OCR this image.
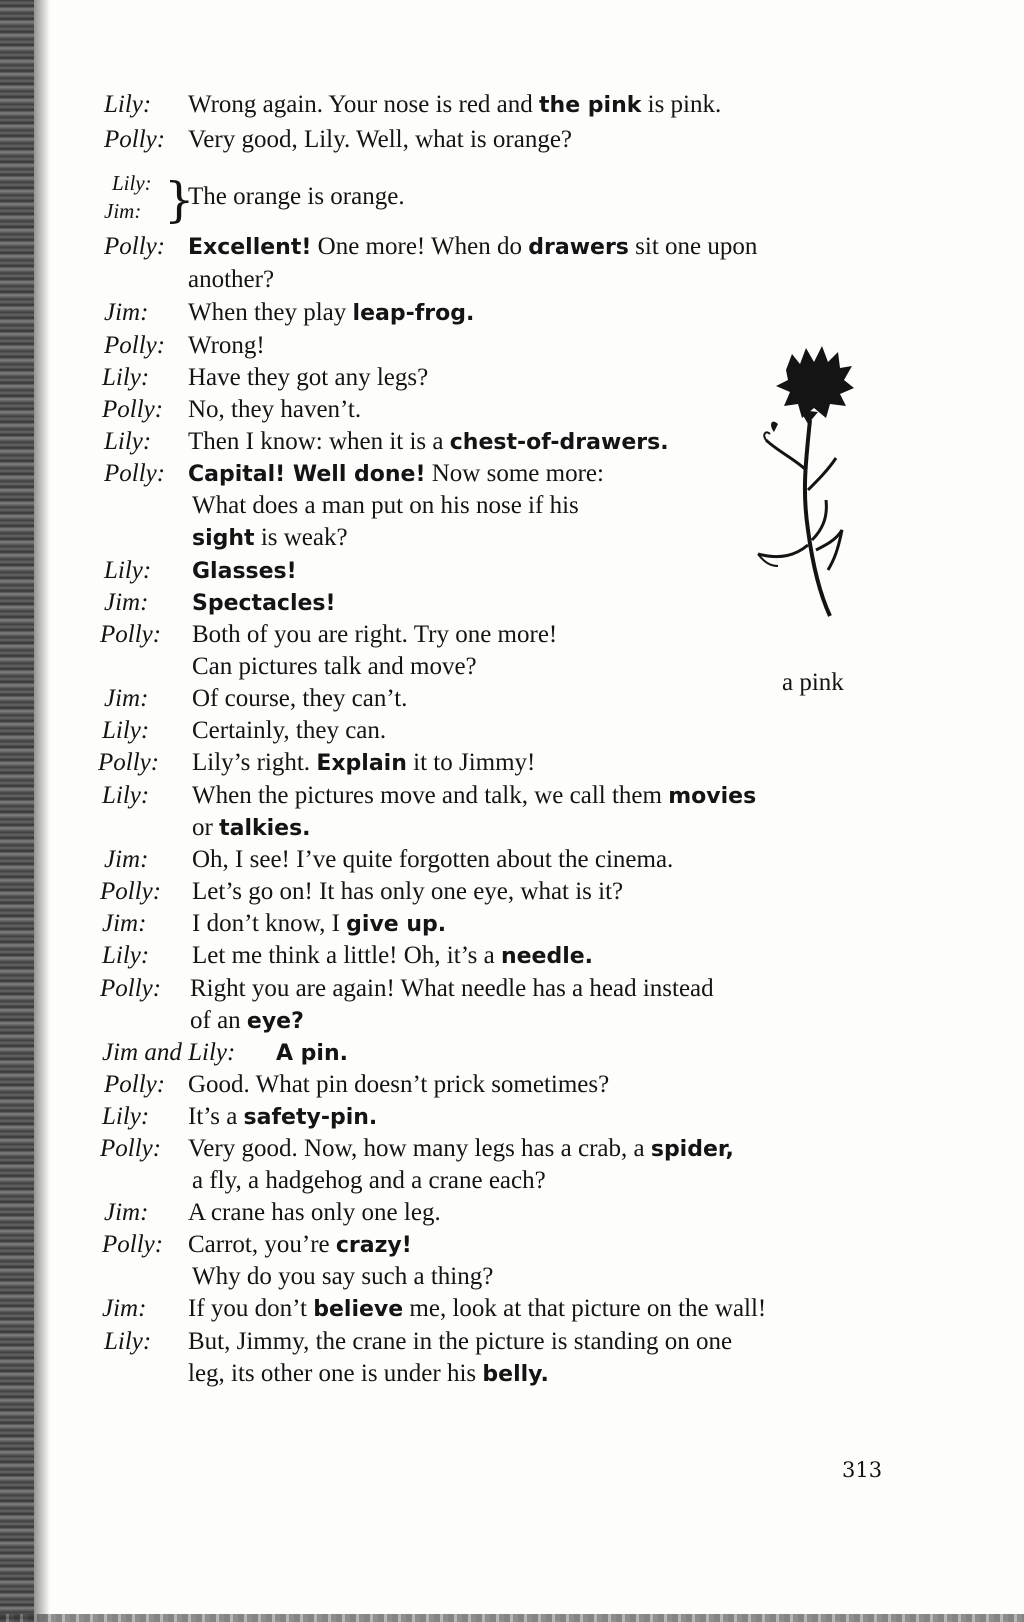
Lily: Wrong again. Your nose is red and the pink is pink.
Polly: Very good, Lily. Well, what is orange?
Lily:
Jim: }
The orange is orange.
Polly: Excellent! One more! When do drawers sit one upon
another?
Jim: When they play leap-frog.
Polly: Wrong!
Lily: Have they got any legs?
Polly: No, they haven’t.
Lily: Then I know: when it is a chest-of-drawers.
Polly: Capital! Well done! Now some more:
What does a man put on his nose if his
sight is weak?
Lily: Glasses!
Jim: Spectacles!
Polly: Both of you are right. Try one more!
Can pictures talk and move?
Jim: Of course, they can’t.
Lily: Certainly, they can.
Polly: Lily’s right. Explain it to Jimmy!
Lily: When the pictures move and talk, we call them movies
or talkies.
Jim: Oh, I see! I’ve quite forgotten about the cinema.
Polly: Let’s go on! It has only one eye, what is it?
Jim: I don’t know, I give up.
Lily: Let me think a little! Oh, it’s a needle.
Polly: Right you are again! What needle has a head instead
of an eye?
Jim and Lily: A pin.
Polly: Good. What pin doesn’t prick sometimes?
Lily: It’s a safety-pin.
Polly: Very good. Now, how many legs has a crab, a spider,
a fly, a hadgehog and a crane each?
Jim: A crane has only one leg.
Polly: Carrot, you’re crazy!
Why do you say such a thing?
Jim: If you don’t believe me, look at that picture on the wall!
Lily: But, Jimmy, the crane in the picture is standing on one
leg, its other one is under his belly.
a pink
313
